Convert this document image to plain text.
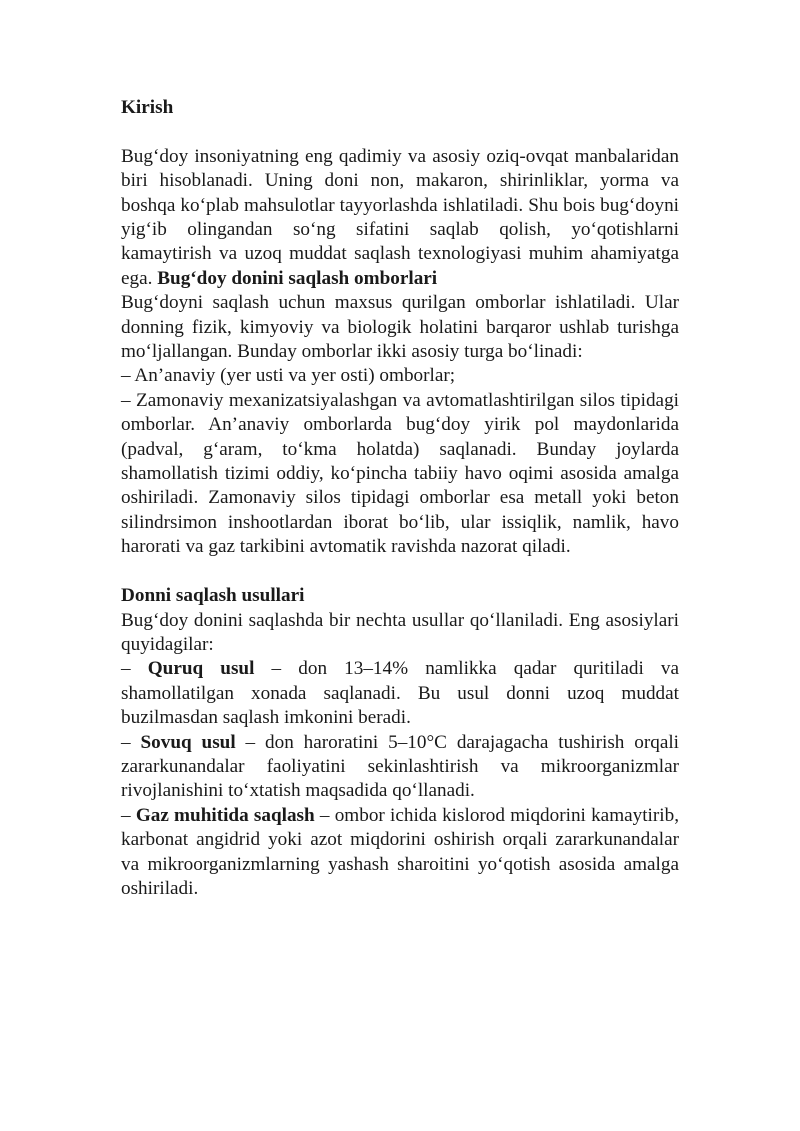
Kirish

Bug‘doy insoniyatning eng qadimiy va asosiy oziq-ovqat manbalaridan biri hisoblanadi. Uning doni non, makaron, shirinliklar, yorma va boshqa ko‘plab mahsulotlar tayyorlashda ishlatiladi. Shu bois bug‘doyni yig‘ib olingandan so‘ng sifatini saqlab qolish, yo‘qotishlarni kamaytirish va uzoq muddat saqlash texnologiyasi muhim ahamiyatga ega. Bug‘doy donini saqlash omborlari

Bug‘doyni saqlash uchun maxsus qurilgan omborlar ishlatiladi. Ular donning fizik, kimyoviy va biologik holatini barqaror ushlab turishga mo‘ljallangan. Bunday omborlar ikki asosiy turga bo‘linadi:

– An’anaviy (yer usti va yer osti) omborlar;

– Zamonaviy mexanizatsiyalashgan va avtomatlashtirilgan silos tipidagi omborlar. An’anaviy omborlarda bug‘doy yirik pol maydonlarida (padval, g‘aram, to‘kma holatda) saqlanadi. Bunday joylarda shamollatish tizimi oddiy, ko‘pincha tabiiy havo oqimi asosida amalga oshiriladi. Zamonaviy silos tipidagi omborlar esa metall yoki beton silindrsimon inshootlardan iborat bo‘lib, ular issiqlik, namlik, havo harorati va gaz tarkibini avtomatik ravishda nazorat qiladi.

Donni saqlash usullari

Bug‘doy donini saqlashda bir nechta usullar qo‘llaniladi. Eng asosiylari quyidagilar:

– Quruq usul – don 13–14% namlikka qadar quritiladi va shamollatilgan xonada saqlanadi. Bu usul donni uzoq muddat buzilmasdan saqlash imkonini beradi.

– Sovuq usul – don haroratini 5–10°C darajagacha tushirish orqali zararkunandalar faoliyatini sekinlashtirish va mikroorganizmlar rivojlanishini to‘xtatish maqsadida qo‘llanadi.

– Gaz muhitida saqlash – ombor ichida kislorod miqdorini kamaytirib, karbonat angidrid yoki azot miqdorini oshirish orqali zararkunandalar va mikroorganizmlarning yashash sharoitini yo‘qotish asosida amalga oshiriladi.
